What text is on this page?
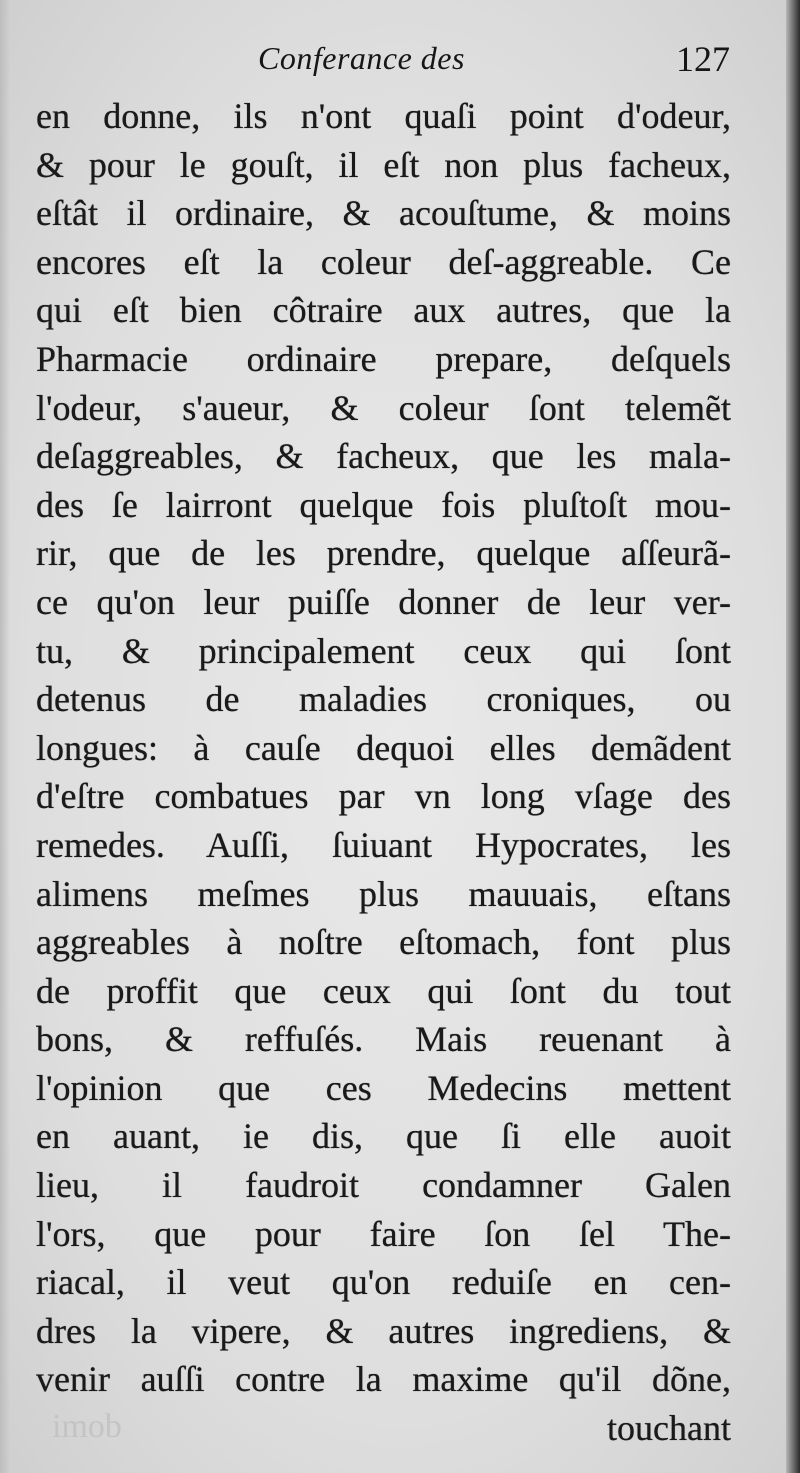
Conferance des	127
en donne, ils n'ont quaſi point d'odeur,
& pour le gouſt, il eſt non plus facheux,
eſtât il ordinaire, & acouſtume, & moins
encores eſt la coleur deſ-aggreable. Ce
qui eſt bien côtraire aux autres, que la
Pharmacie ordinaire prepare, deſquels
l'odeur, s'aueur, & coleur ſont telemẽt
deſaggreables, & facheux, que les mala-
des ſe lairront quelque fois pluſtoſt mou-
rir, que de les prendre, quelque aſſeurã-
ce qu'on leur puiſſe donner de leur ver-
tu, & principalement ceux qui ſont
detenus de maladies croniques, ou
longues: à cauſe dequoi elles demãdent
d'eſtre combatues par vn long vſage des
remedes. Auſſi, ſuiuant Hypocrates, les
alimens meſmes plus mauuais, eſtans
aggreables à noſtre eſtomach, font plus
de proffit que ceux qui ſont du tout
bons, & reffuſés. Mais reuenant à
l'opinion que ces Medecins mettent
en auant, ie dis, que ſi elle auoit
lieu, il faudroit condamner Galen
l'ors, que pour faire ſon ſel The-
riacal, il veut qu'on reduiſe en cen-
dres la vipere, & autres ingrediens, &
venir auſſi contre la maxime qu'il dõne,
touchant
imob
